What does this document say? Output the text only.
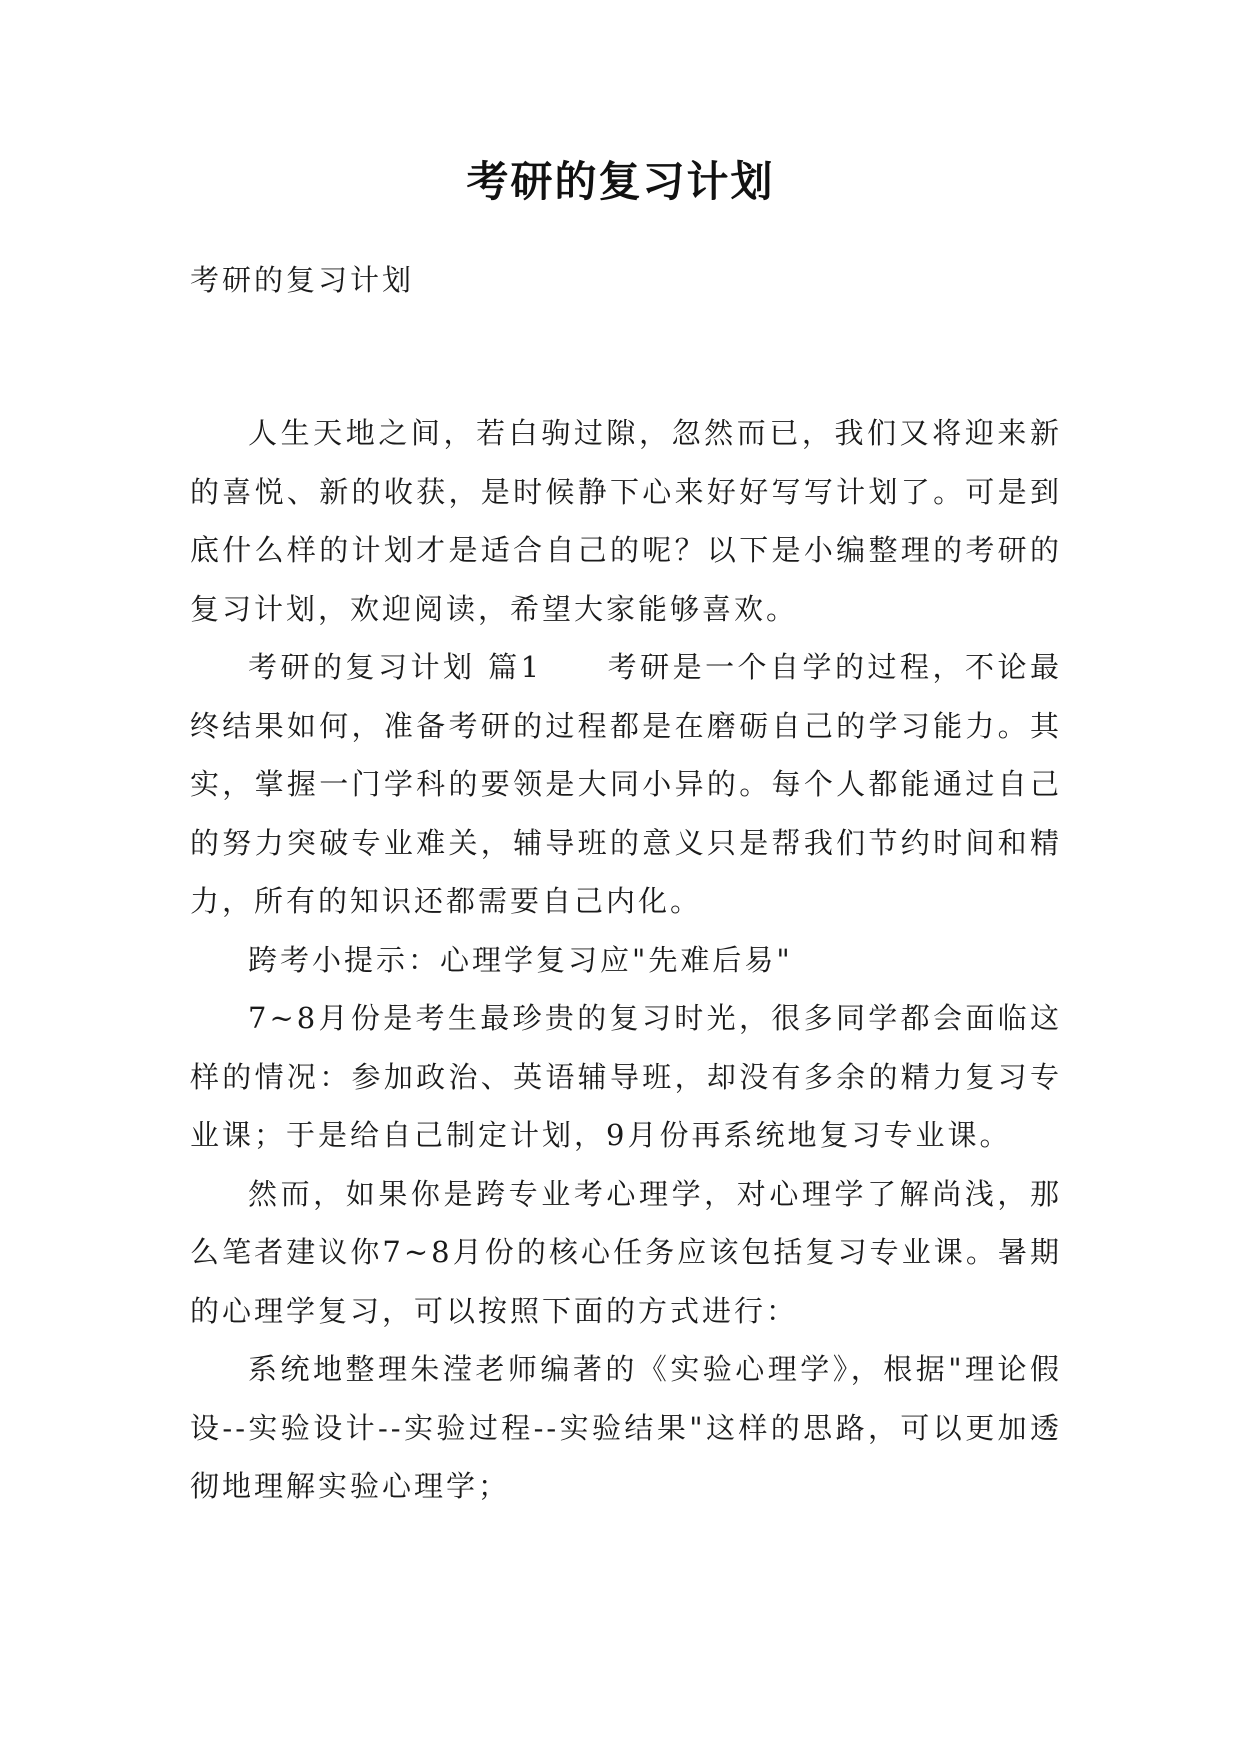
考研的复习计划
考研的复习计划

人生天地之间，若白驹过隙，忽然而已，我们又将迎来新的喜悦、新的收获，是时候静下心来好好写写计划了。可是到底什么样的计划才是适合自己的呢？以下是小编整理的考研的复习计划，欢迎阅读，希望大家能够喜欢。

考研的复习计划 篇1　　考研是一个自学的过程，不论最终结果如何，准备考研的过程都是在磨砺自己的学习能力。其实，掌握一门学科的要领是大同小异的。每个人都能通过自己的努力突破专业难关，辅导班的意义只是帮我们节约时间和精力，所有的知识还都需要自己内化。

跨考小提示：心理学复习应"先难后易"

7~8月份是考生最珍贵的复习时光，很多同学都会面临这样的情况：参加政治、英语辅导班，却没有多余的精力复习专业课；于是给自己制定计划，9月份再系统地复习专业课。

然而，如果你是跨专业考心理学，对心理学了解尚浅，那么笔者建议你7~8月份的核心任务应该包括复习专业课。暑期的心理学复习，可以按照下面的方式进行：

系统地整理朱滢老师编著的《实验心理学》，根据"理论假设--实验设计--实验过程--实验结果"这样的思路，可以更加透彻地理解实验心理学；
